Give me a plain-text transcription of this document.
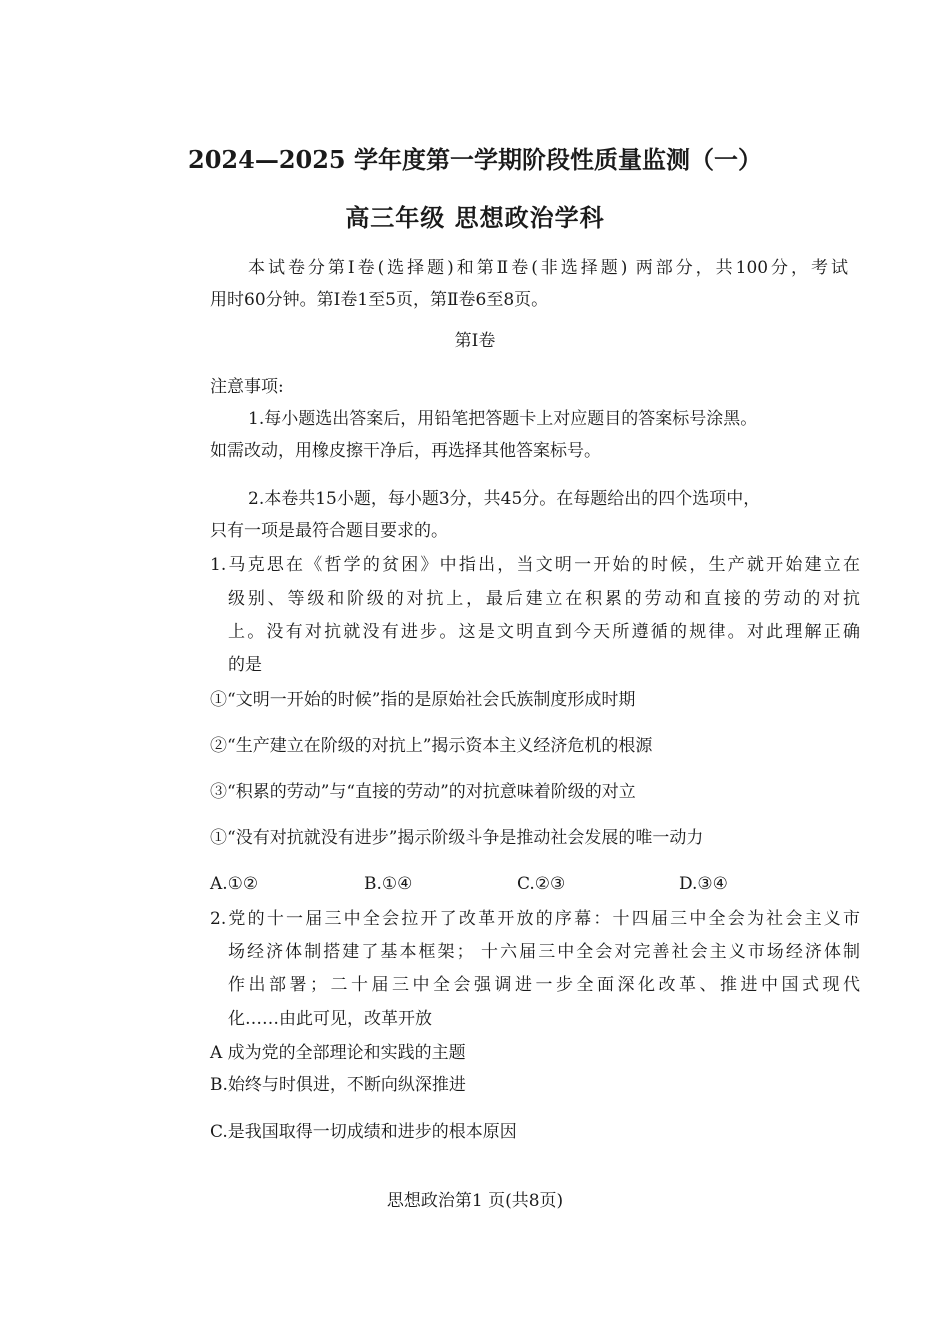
2024—2025 学年度第一学期阶段性质量监测（一）
高三年级 思想政治学科
本试卷分第Ⅰ卷(选择题)和第Ⅱ卷(非选择题) 两部分，共100分，考试
用时60分钟。第Ⅰ卷1至5页，第Ⅱ卷6至8页。
第Ⅰ卷
注意事项:
1.每小题选出答案后，用铅笔把答题卡上对应题目的答案标号涂黑。
如需改动，用橡皮擦干净后，再选择其他答案标号。
2.本卷共15小题，每小题3分，共45分。在每题给出的四个选项中，
只有一项是最符合题目要求的。
1.马克思在《哲学的贫困》中指出，当文明一开始的时候，生产就开始建立在
级别、等级和阶级的对抗上，最后建立在积累的劳动和直接的劳动的对抗
上。没有对抗就没有进步。这是文明直到今天所遵循的规律。对此理解正确
的是
①“文明一开始的时候”指的是原始社会氏族制度形成时期
②“生产建立在阶级的对抗上”揭示资本主义经济危机的根源
③“积累的劳动”与“直接的劳动”的对抗意味着阶级的对立
①“没有对抗就没有进步”揭示阶级斗争是推动社会发展的唯一动力
A.①②	B.①④	C.②③	D.③④
2.党的十一届三中全会拉开了改革开放的序幕：十四届三中全会为社会主义市
场经济体制搭建了基本框架； 十六届三中全会对完善社会主义市场经济体制
作出部署；二十届三中全会强调进一步全面深化改革、推进中国式现代
化……由此可见，改革开放
A 成为党的全部理论和实践的主题
B.始终与时俱进，不断向纵深推进
C.是我国取得一切成绩和进步的根本原因
思想政治第1 页(共8页)
